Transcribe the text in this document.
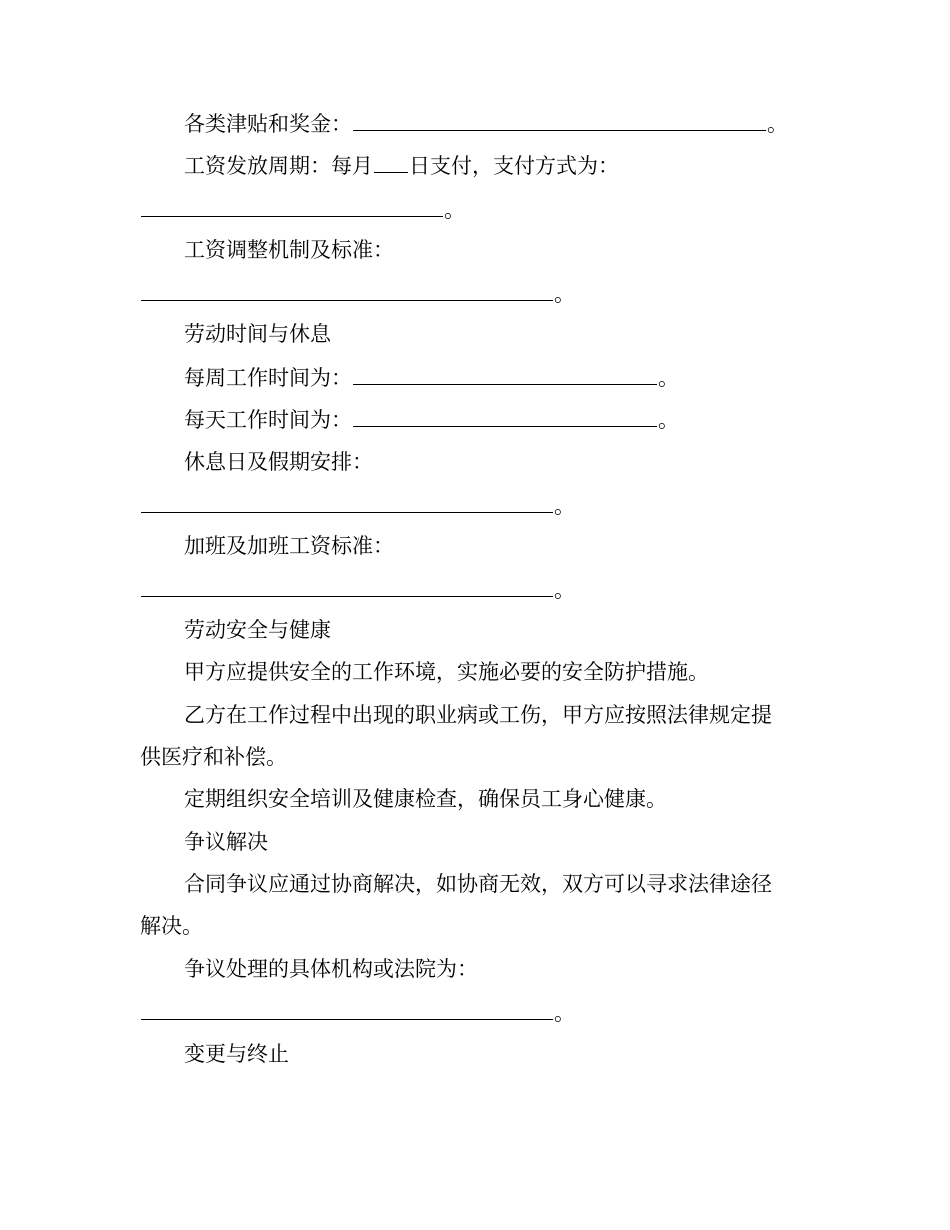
各类津贴和奖金：	。
工资发放周期：每月 日支付，支付方式为：
。
工资调整机制及标准：
。
劳动时间与休息
每周工作时间为：	。
每天工作时间为：	。
休息日及假期安排：
。
加班及加班工资标准：
。
劳动安全与健康
甲方应提供安全的工作环境，实施必要的安全防护措施。
乙方在工作过程中出现的职业病或工伤，甲方应按照法律规定提
供医疗和补偿。
定期组织安全培训及健康检查，确保员工身心健康。
争议解决
合同争议应通过协商解决，如协商无效，双方可以寻求法律途径
解决。
争议处理的具体机构或法院为：
。
变更与终止
